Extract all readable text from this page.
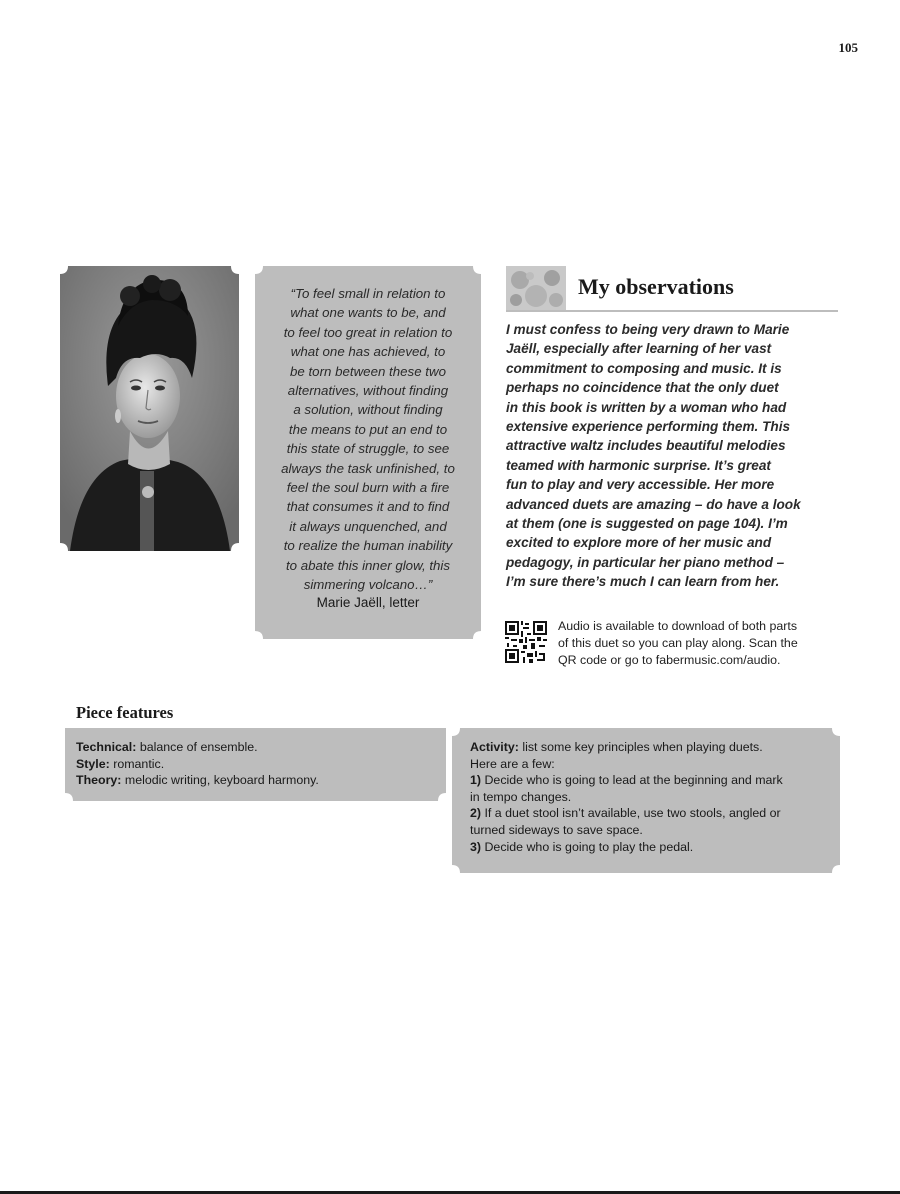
105
“To feel small in relation to
what one wants to be, and
to feel too great in relation to
what one has achieved, to
be torn between these two
alternatives, without finding
a solution, without finding
the means to put an end to
this state of struggle, to see
always the task unfinished, to
feel the soul burn with a fire
that consumes it and to find
it always unquenched, and
to realize the human inability
to abate this inner glow, this
simmering volcano…”
Marie Jaëll, letter
My observations
I must confess to being very drawn to Marie
Jaëll, especially after learning of her vast
commitment to composing and music. It is
perhaps no coincidence that the only duet
in this book is written by a woman who had
extensive experience performing them. This
attractive waltz includes beautiful melodies
teamed with harmonic surprise. It’s great
fun to play and very accessible. Her more
advanced duets are amazing – do have a look
at them (one is suggested on page 104). I’m
excited to explore more of her music and
pedagogy, in particular her piano method –
I’m sure there’s much I can learn from her.
Audio is available to download of both parts
of this duet so you can play along. Scan the
QR code or go to fabermusic.com/audio.
Piece features
Technical: balance of ensemble.
Style: romantic.
Theory: melodic writing, keyboard harmony.
Activity: list some key principles when playing duets.
Here are a few:
1) Decide who is going to lead at the beginning and mark
in tempo changes.
2) If a duet stool isn’t available, use two stools, angled or
turned sideways to save space.
3) Decide who is going to play the pedal.
